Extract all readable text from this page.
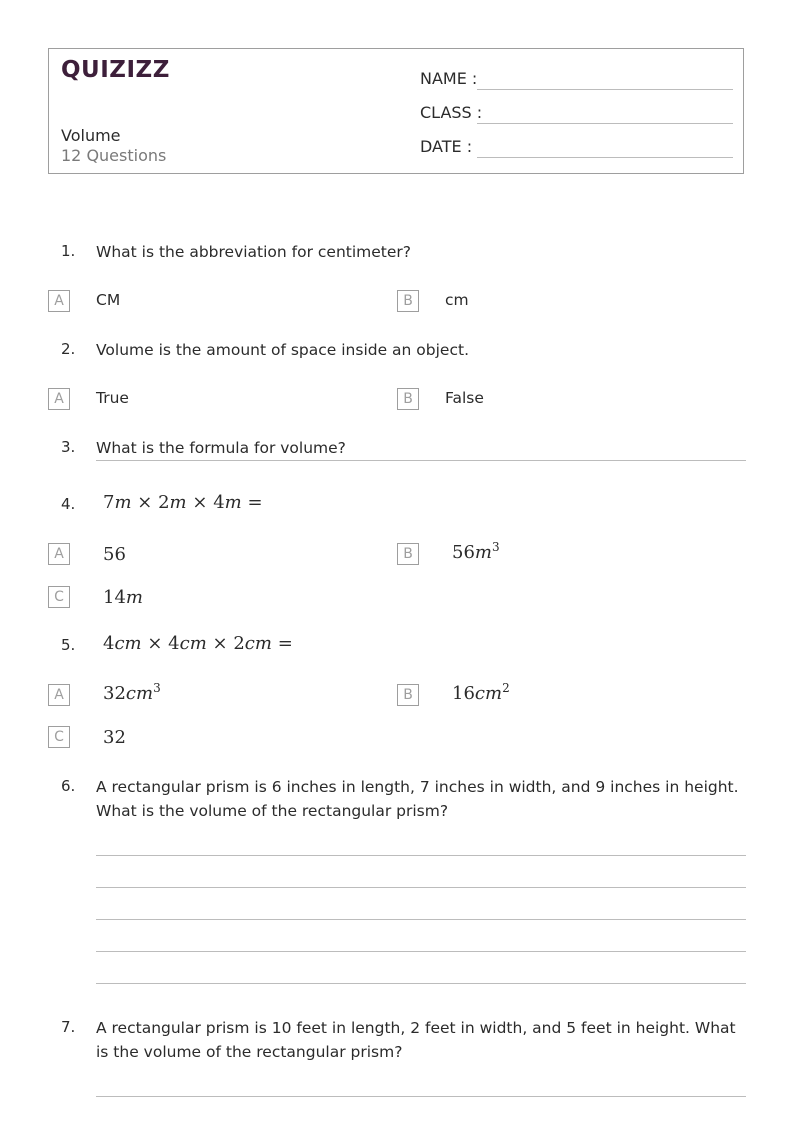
QUIZIZZ
Volume
12 Questions
NAME :
CLASS :
DATE :
1. What is the abbreviation for centimeter?
A	CM	B	cm
2. Volume is the amount of space inside an object.
A	True	B	False
3. What is the formula for volume?
4. 7m × 2m × 4m =
A	56	B	$56m^3$
C	14m
5. 4cm × 4cm × 2cm =
A	$32cm^3$	B	$16cm^2$
C	32
6. A rectangular prism is 6 inches in length, 7 inches in width, and 9 inches in height. What is the volume of the rectangular prism?
7. A rectangular prism is 10 feet in length, 2 feet in width, and 5 feet in height. What is the volume of the rectangular prism?
